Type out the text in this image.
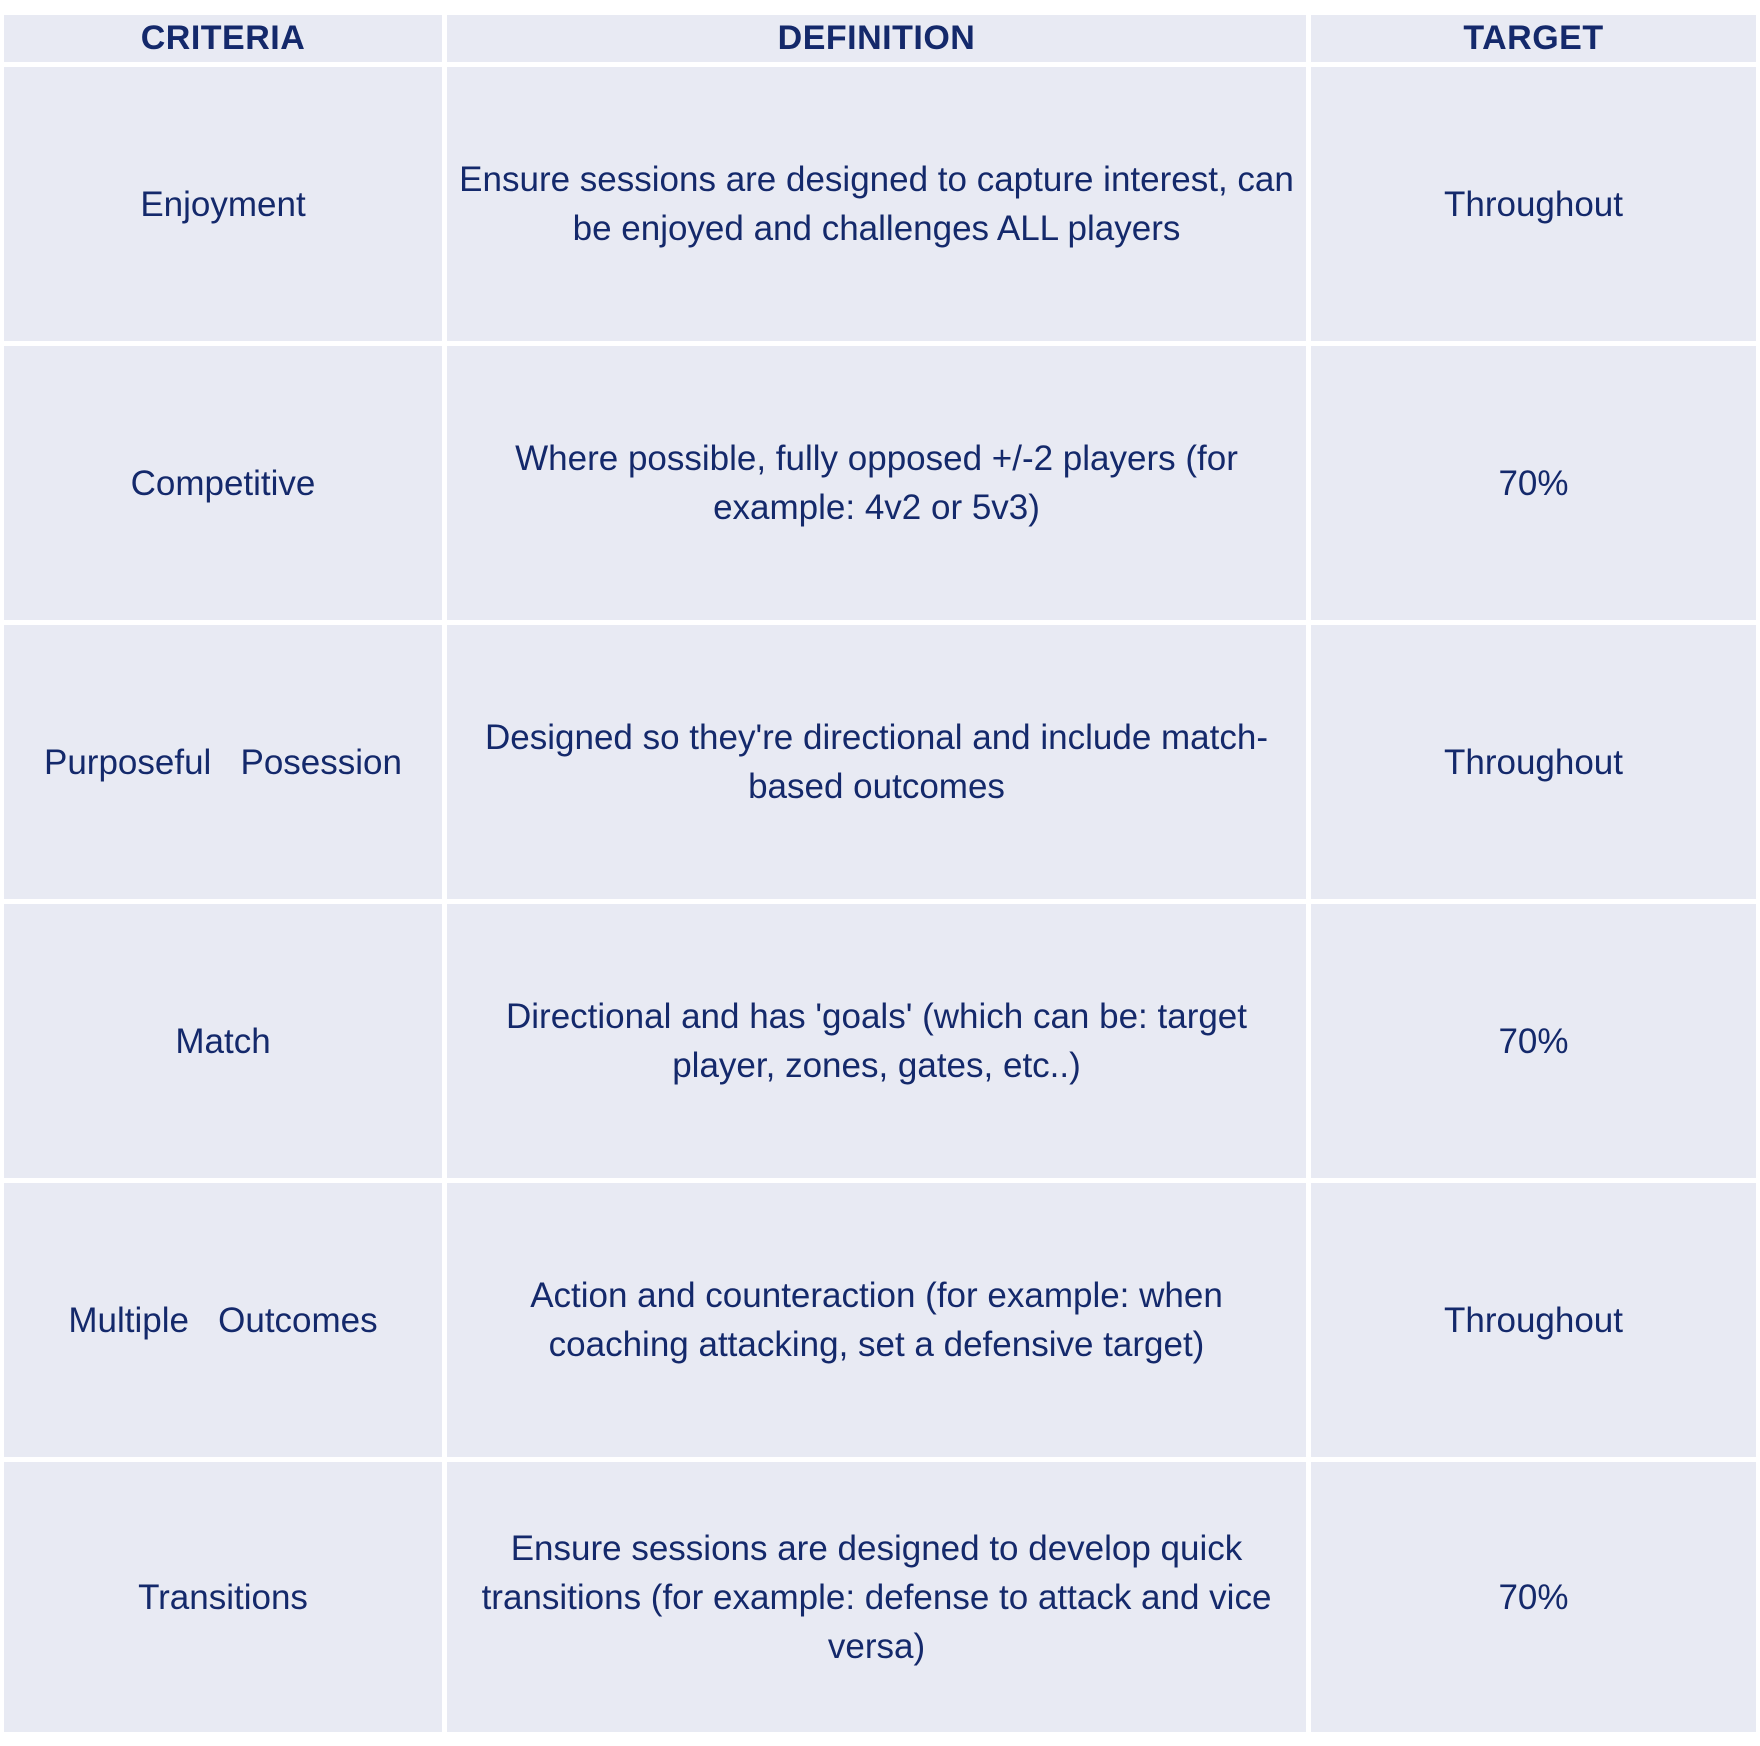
CRITERIA	DEFINITION	TARGET
Enjoyment	Ensure sessions are designed to capture interest, can be enjoyed and challenges ALL players	Throughout
Competitive	Where possible, fully opposed +/-2 players (for example: 4v2 or 5v3)	70%
Purposeful   Posession	Designed so they're directional and include match-based outcomes	Throughout
Match	Directional and has 'goals' (which can be: target player, zones, gates, etc..)	70%
Multiple   Outcomes	Action and counteraction (for example: when coaching attacking, set a defensive target)	Throughout
Transitions	Ensure sessions are designed to develop quick transitions (for example: defense to attack and vice versa)	70%
